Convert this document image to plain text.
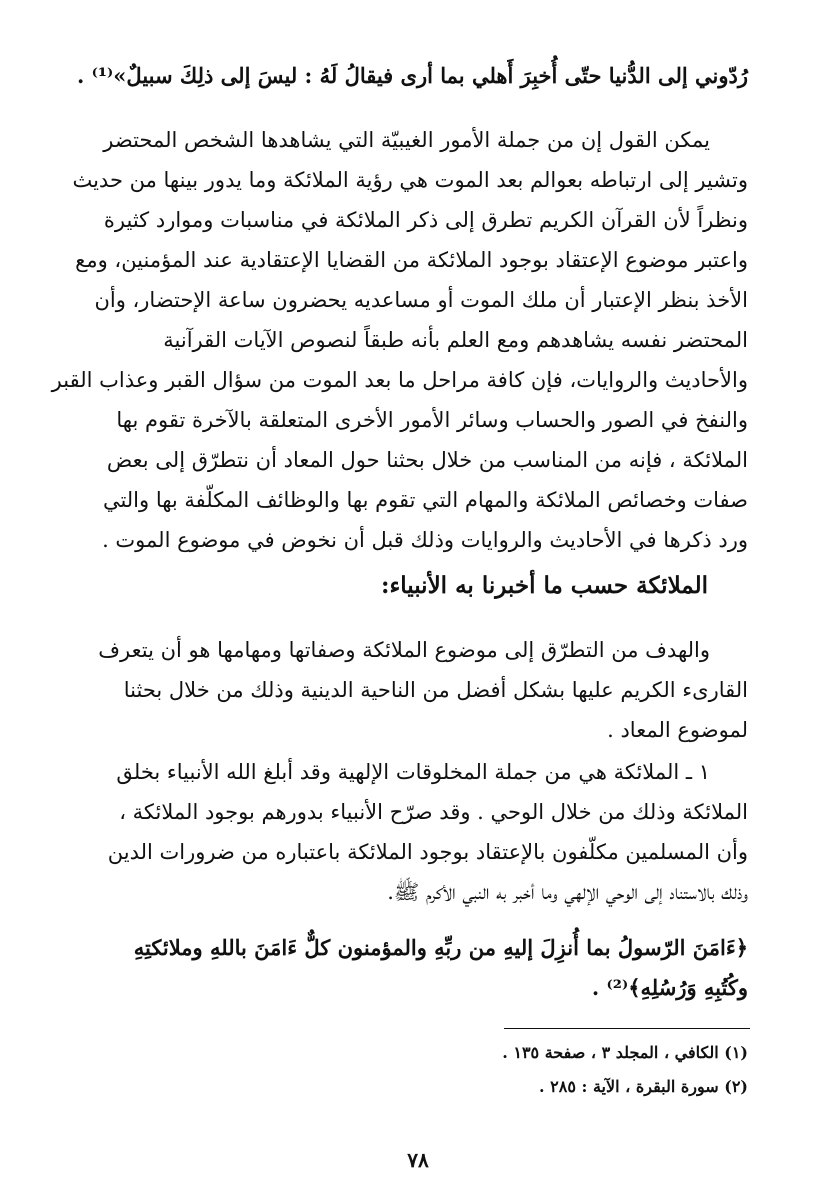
رُدّوني إلى الدُّنيا حتّى أُخبِرَ أَهلي بما أرى فيقالُ لَهُ : ليسَ إلى ذلِكَ سبيلٌ»⁽¹⁾ .
يمكن القول إن من جملة الأمور الغيبيّة التي يشاهدها الشخص المحتضر
وتشير إلى ارتباطه بعوالم بعد الموت هي رؤية الملائكة وما يدور بينها من حديث
ونظراً لأن القرآن الكريم تطرق إلى ذكر الملائكة في مناسبات وموارد كثيرة
واعتبر موضوع الإعتقاد بوجود الملائكة من القضايا الإعتقادية عند المؤمنين، ومع
الأخذ بنظر الإعتبار أن ملك الموت أو مساعديه يحضرون ساعة الإحتضار، وأن
المحتضر نفسه يشاهدهم ومع العلم بأنه طبقاً لنصوص الآيات القرآنية
والأحاديث والروايات، فإن كافة مراحل ما بعد الموت من سؤال القبر وعذاب القبر
والنفخ في الصور والحساب وسائر الأمور الأخرى المتعلقة بالآخرة تقوم بها
الملائكة ، فإنه من المناسب من خلال بحثنا حول المعاد أن نتطرّق إلى بعض
صفات وخصائص الملائكة والمهام التي تقوم بها والوظائف المكلّفة بها والتي
ورد ذكرها في الأحاديث والروايات وذلك قبل أن نخوض في موضوع الموت .
الملائكة حسب ما أخبرنا به الأنبياء:
والهدف من التطرّق إلى موضوع الملائكة وصفاتها ومهامها هو أن يتعرف
القارىء الكريم عليها بشكل أفضل من الناحية الدينية وذلك من خلال بحثنا
لموضوع المعاد .
١ ـ الملائكة هي من جملة المخلوقات الإلهية وقد أبلغ الله الأنبياء بخلق
الملائكة وذلك من خلال الوحي . وقد صرّح الأنبياء بدورهم بوجود الملائكة ،
وأن المسلمين مكلّفون بالإعتقاد بوجود الملائكة باعتباره من ضرورات الدين
وذلك بالاستناد إلى الوحي الإلهي وما أخبر به النبي الأكرم ﷺ.
﴿ءَامَنَ الرّسولُ بما أُنزِلَ إليهِ من ربِّهِ والمؤمنون كلٌّ ءَامَنَ باللهِ وملائكتِهِ
وكُتُبِهِ وَرُسُلِهِ﴾⁽²⁾ .
(١) الكافي ، المجلد ٣ ، صفحة ١٣٥ .
(٢) سورة البقرة ، الآية : ٢٨٥ .
٧٨
